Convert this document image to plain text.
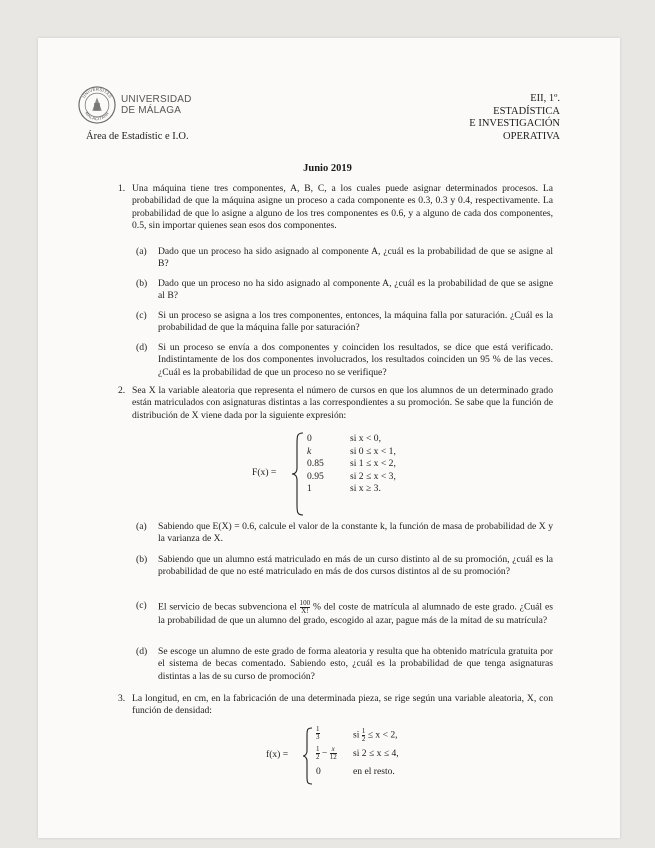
UNIVERSITAS
MALACITANA
UNIVERSIDAD
DE MÁLAGA
Área de Estadístic e I.O.
EII, 1º.
ESTADÍSTICA
E INVESTIGACIÓN
OPERATIVA
Junio 2019
1. Una máquina tiene tres componentes, A, B, C, a los cuales puede asignar determinados procesos. La probabilidad de que la máquina asigne un proceso a cada componente es 0.3, 0.3 y 0.4, respectivamente. La probabilidad de que lo asigne a alguno de los tres componentes es 0.6, y a alguno de cada dos componentes, 0.5, sin importar quienes sean esos dos componentes.
(a) Dado que un proceso ha sido asignado al componente A, ¿cuál es la probabilidad de que se asigne al B?
(b) Dado que un proceso no ha sido asignado al componente A, ¿cuál es la probabilidad de que se asigne al B?
(c) Si un proceso se asigna a los tres componentes, entonces, la máquina falla por saturación. ¿Cuál es la probabilidad de que la máquina falle por saturación?
(d) Si un proceso se envía a dos componentes y coinciden los resultados, se dice que está verificado. Indistintamente de los dos componentes involucrados, los resultados coinciden un 95 % de las veces. ¿Cuál es la probabilidad de que un proceso no se verifique?
2. Sea X la variable aleatoria que representa el número de cursos en que los alumnos de un determinado grado están matriculados con asignaturas distintas a las correspondientes a su promoción. Se sabe que la función de distribución de X viene dada por la siguiente expresión:
F(x) =
0
k
0.85
0.95
1
si x < 0,
si 0 ≤ x < 1,
si 1 ≤ x < 2,
si 2 ≤ x < 3,
si x ≥ 3.
(a) Sabiendo que E(X) = 0.6, calcule el valor de la constante k, la función de masa de probabilidad de X y la varianza de X.
(b) Sabiendo que un alumno está matriculado en más de un curso distinto al de su promoción, ¿cuál es la probabilidad de que no esté matriculado en más de dos cursos distintos al de su promoción?
(c) El servicio de becas subvenciona el $\frac{100}{X!}$ % del coste de matrícula al alumnado de este grado. ¿Cuál es la probabilidad de que un alumno del grado, escogido al azar, pague más de la mitad de su matrícula?
(d) Se escoge un alumno de este grado de forma aleatoria y resulta que ha obtenido matrícula gratuita por el sistema de becas comentado. Sabiendo esto, ¿cuál es la probabilidad de que tenga asignaturas distintas a las de su curso de promoción?
3. La longitud, en cm, en la fabricación de una determinada pieza, se rige según una variable aleatoria, X, con función de densidad:
f(x) =
$\frac{1}{3}$	si $\frac{1}{2} \le x < 2$,
$\frac{1}{2} - \frac{x}{12}$ si 2 ≤ x ≤ 4,
0	en el resto.
